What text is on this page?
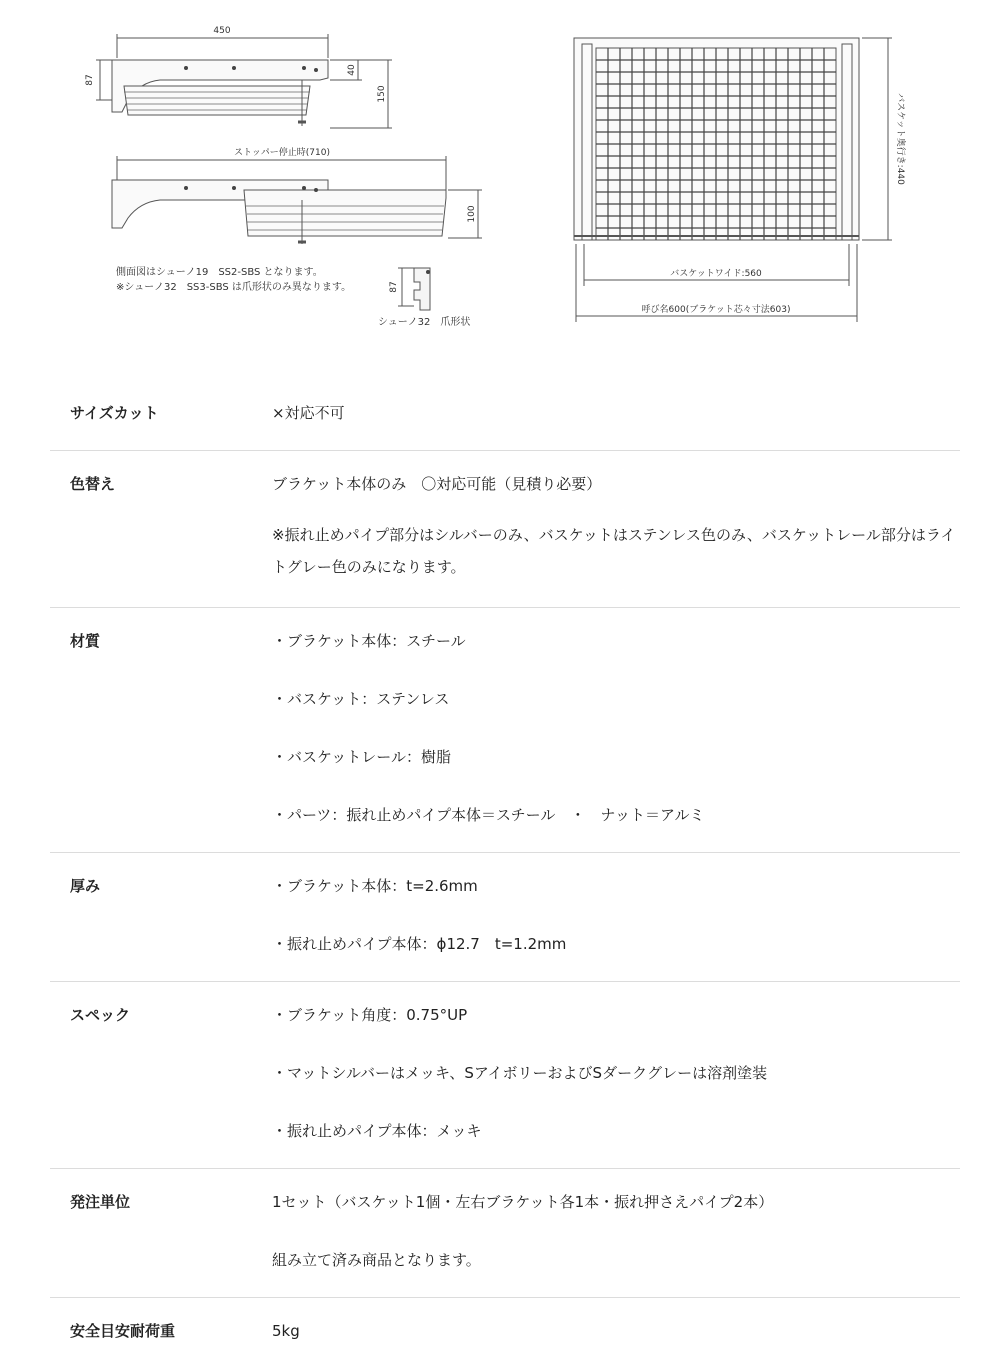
450
87
40
150
ストッパー停止時(710)
100
側面図はシューノ19　SS2-SBS となります。
※シューノ32　SS3-SBS は爪形状のみ異なります。	87
シューノ32　爪形状
バスケット奥行き:440
バスケットワイド:560
呼び名600(ブラケット芯々寸法603)
サイズカット	×対応不可
色替え	ブラケット本体のみ　〇対応可能（見積り必要）
※振れ止めパイプ部分はシルバーのみ、バスケットはステンレス色のみ、バスケットレール部分はライトグレー色のみになります。
材質	・ブラケット本体：スチール
・バスケット：ステンレス
・バスケットレール：樹脂
・パーツ：振れ止めパイプ本体＝スチール　・　ナット＝アルミ
厚み	・ブラケット本体：t=2.6mm
・振れ止めパイプ本体：ϕ12.7　t=1.2mm
スペック	・ブラケット角度：0.75°UP
・マットシルバーはメッキ、SアイボリーおよびSダークグレーは溶剤塗装
・振れ止めパイプ本体：メッキ
発注単位	1セット（バスケット1個・左右ブラケット各1本・振れ押さえパイプ2本）
組み立て済み商品となります。
安全目安耐荷重	5kg
